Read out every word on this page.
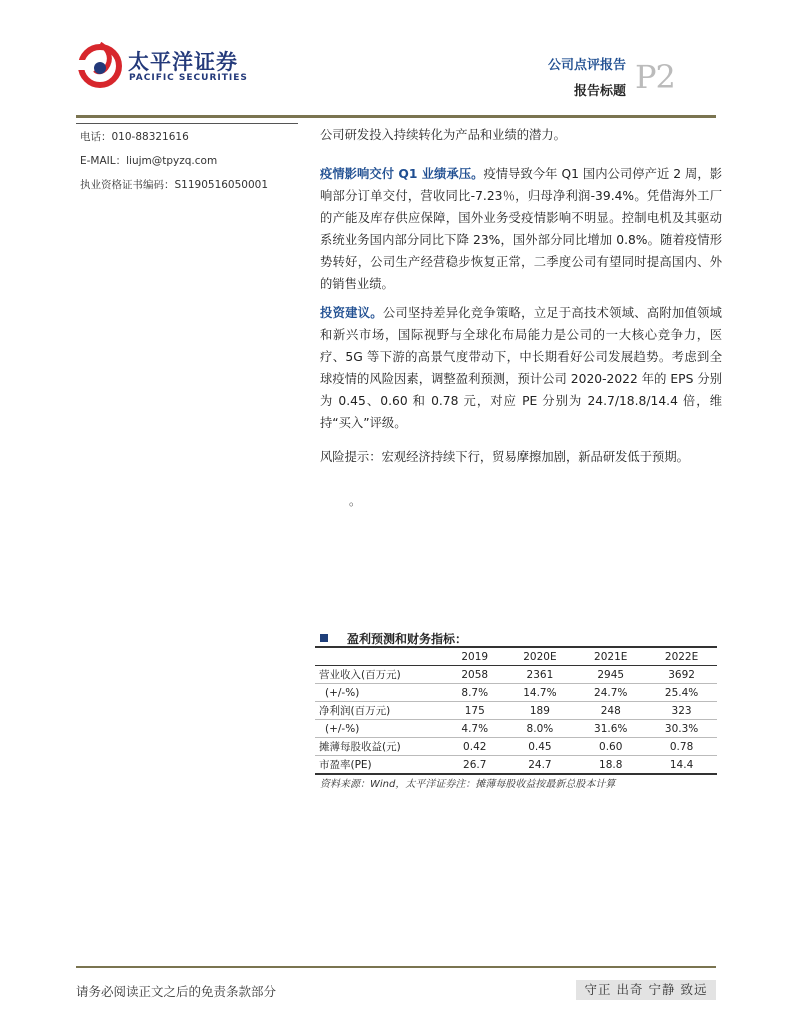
太平洋证券
PACIFIC SECURITIES
公司点评报告
报告标题 P2
电话：010-88321616
E-MAIL：liujm@tpyzq.com
执业资格证书编码：S1190516050001
公司研发投入持续转化为产品和业绩的潜力。
疫情影响交付 Q1 业绩承压。疫情导致今年 Q1 国内公司停产近 2 周，影响部分订单交付，营收同比-7.23％，归母净利润-39.4%。凭借海外工厂的产能及库存供应保障，国外业务受疫情影响不明显。控制电机及其驱动系统业务国内部分同比下降 23%，国外部分同比增加 0.8%。随着疫情形势转好，公司生产经营稳步恢复正常，二季度公司有望同时提高国内、外的销售业绩。
投资建议。公司坚持差异化竞争策略，立足于高技术领域、高附加值领域和新兴市场，国际视野与全球化布局能力是公司的一大核心竞争力，医疗、5G 等下游的高景气度带动下，中长期看好公司发展趋势。考虑到全球疫情的风险因素，调整盈利预测，预计公司 2020-2022 年的 EPS 分别为 0.45、0.60 和 0.78 元，对应 PE 分别为 24.7/18.8/14.4 倍，维持“买入”评级。
风险提示：宏观经济持续下行，贸易摩擦加剧，新品研发低于预期。
。
盈利预测和财务指标：
	2019	2020E	2021E	2022E
营业收入(百万元)	2058	2361	2945	3692
(+/-%)	8.7%	14.7%	24.7%	25.4%
净利润(百万元)	175	189	248	323
(+/-%)	4.7%	8.0%	31.6%	30.3%
摊薄每股收益(元)	0.42	0.45	0.60	0.78
市盈率(PE)	26.7	24.7	18.8	14.4
资料来源：Wind，太平洋证券注：摊薄每股收益按最新总股本计算
请务必阅读正文之后的免责条款部分	守正 出奇 宁静 致远
